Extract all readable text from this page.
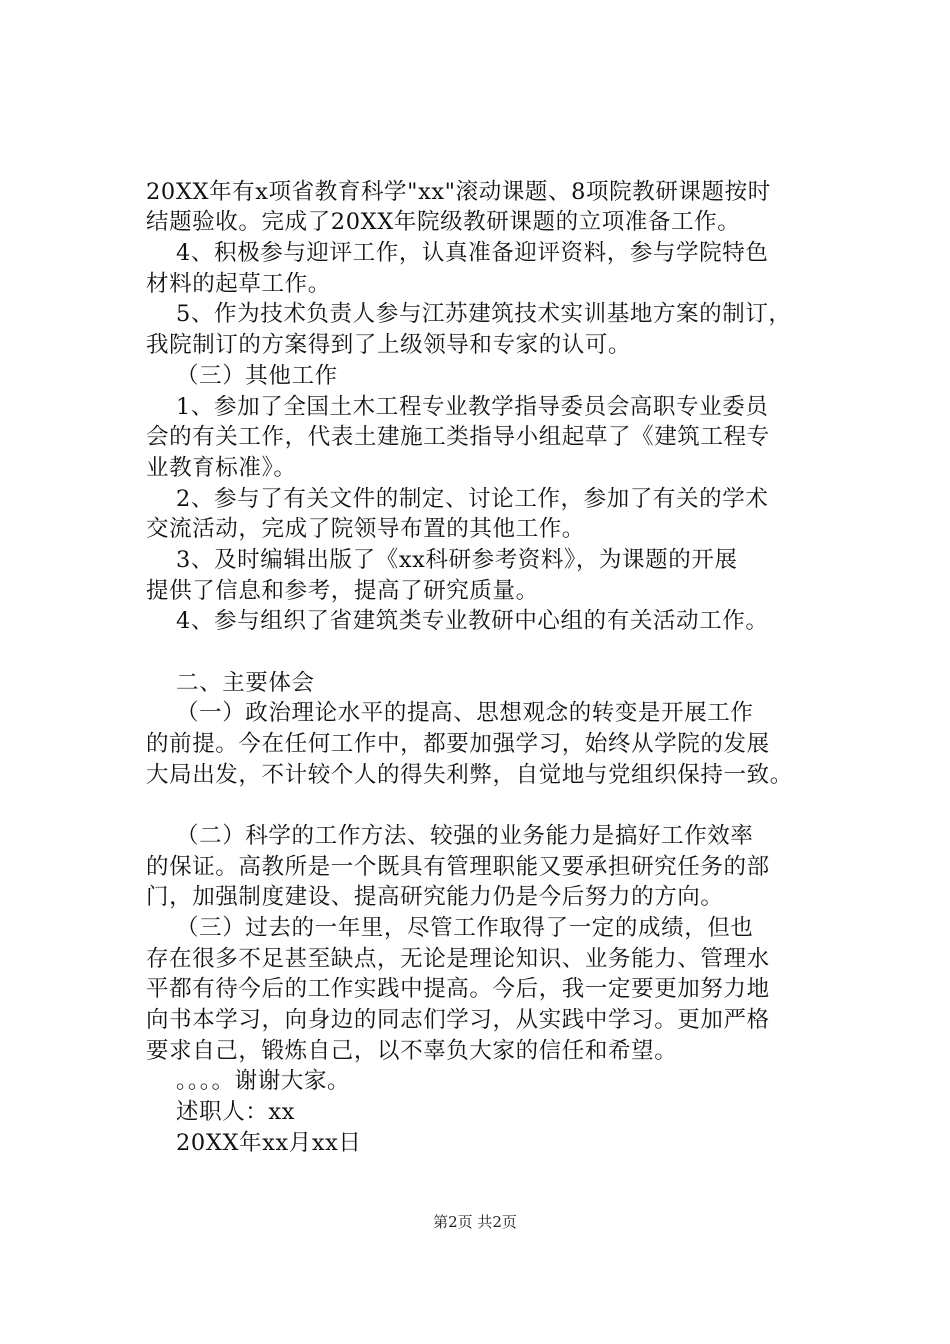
20XX年有x项省教育科学"xx"滚动课题、8项院教研课题按时
结题验收。完成了20XX年院级教研课题的立项准备工作。
4、积极参与迎评工作，认真准备迎评资料，参与学院特色
材料的起草工作。
5、作为技术负责人参与江苏建筑技术实训基地方案的制订，
我院制订的方案得到了上级领导和专家的认可。
（三）其他工作
1、参加了全国土木工程专业教学指导委员会高职专业委员
会的有关工作，代表土建施工类指导小组起草了《建筑工程专
业教育标准》。
2、参与了有关文件的制定、讨论工作，参加了有关的学术
交流活动，完成了院领导布置的其他工作。
3、及时编辑出版了《xx科研参考资料》，为课题的开展
提供了信息和参考，提高了研究质量。
4、参与组织了省建筑类专业教研中心组的有关活动工作。
二、主要体会
（一）政治理论水平的提高、思想观念的转变是开展工作
的前提。今在任何工作中，都要加强学习，始终从学院的发展
大局出发，不计较个人的得失利弊，自觉地与党组织保持一致。
（二）科学的工作方法、较强的业务能力是搞好工作效率
的保证。高教所是一个既具有管理职能又要承担研究任务的部
门，加强制度建设、提高研究能力仍是今后努力的方向。
（三）过去的一年里，尽管工作取得了一定的成绩，但也
存在很多不足甚至缺点，无论是理论知识、业务能力、管理水
平都有待今后的工作实践中提高。今后，我一定要更加努力地
向书本学习，向身边的同志们学习，从实践中学习。更加严格
要求自己，锻炼自己，以不辜负大家的信任和希望。
。。。。谢谢大家。
述职人：xx
20XX年xx月xx日
第2页 共2页
